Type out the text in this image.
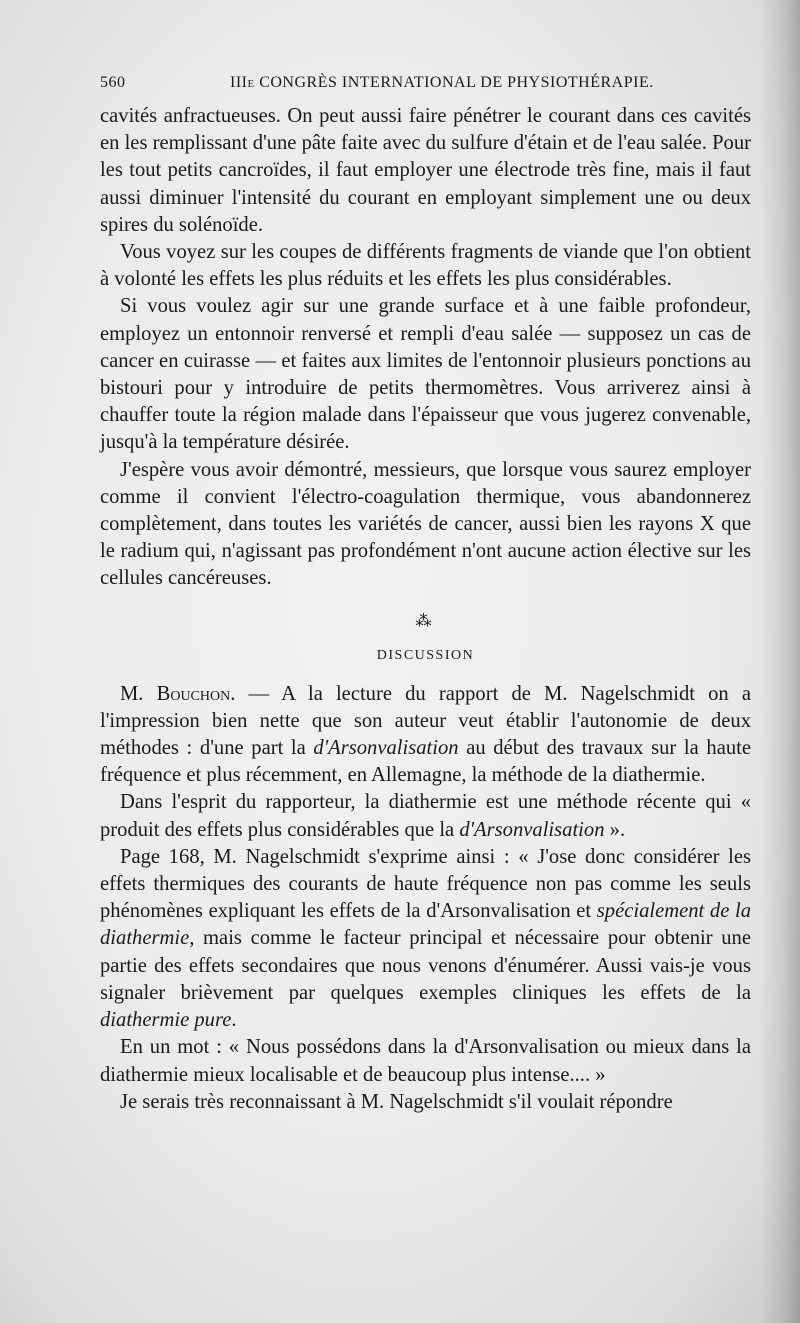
560	IIIe CONGRÈS INTERNATIONAL DE PHYSIOTHÉRAPIE.

cavités anfractueuses. On peut aussi faire pénétrer le courant dans ces cavités en les remplissant d'une pâte faite avec du sulfure d'étain et de l'eau salée. Pour les tout petits cancroïdes, il faut employer une électrode très fine, mais il faut aussi diminuer l'intensité du courant en employant simplement une ou deux spires du solénoïde.

Vous voyez sur les coupes de différents fragments de viande que l'on obtient à volonté les effets les plus réduits et les effets les plus considérables.

Si vous voulez agir sur une grande surface et à une faible profondeur, employez un entonnoir renversé et rempli d'eau salée — supposez un cas de cancer en cuirasse — et faites aux limites de l'entonnoir plusieurs ponctions au bistouri pour y introduire de petits thermomètres. Vous arriverez ainsi à chauffer toute la région malade dans l'épaisseur que vous jugerez convenable, jusqu'à la température désirée.

J'espère vous avoir démontré, messieurs, que lorsque vous saurez employer comme il convient l'électro-coagulation thermique, vous abandonnerez complètement, dans toutes les variétés de cancer, aussi bien les rayons X que le radium qui, n'agissant pas profondément n'ont aucune action élective sur les cellules cancéreuses.

⁂
DISCUSSION

M. Bouchon. — A la lecture du rapport de M. Nagelschmidt on a l'impression bien nette que son auteur veut établir l'autonomie de deux méthodes : d'une part la d'Arsonvalisation au début des travaux sur la haute fréquence et plus récemment, en Allemagne, la méthode de la diathermie.

Dans l'esprit du rapporteur, la diathermie est une méthode récente qui « produit des effets plus considérables que la d'Arsonvalisation ».

Page 168, M. Nagelschmidt s'exprime ainsi : « J'ose donc considérer les effets thermiques des courants de haute fréquence non pas comme les seuls phénomènes expliquant les effets de la d'Arsonvalisation et spécialement de la diathermie, mais comme le facteur principal et nécessaire pour obtenir une partie des effets secondaires que nous venons d'énumérer. Aussi vais-je vous signaler brièvement par quelques exemples cliniques les effets de la diathermie pure.

En un mot : « Nous possédons dans la d'Arsonvalisation ou mieux dans la diathermie mieux localisable et de beaucoup plus intense.... »

Je serais très reconnaissant à M. Nagelschmidt s'il voulait répondre
